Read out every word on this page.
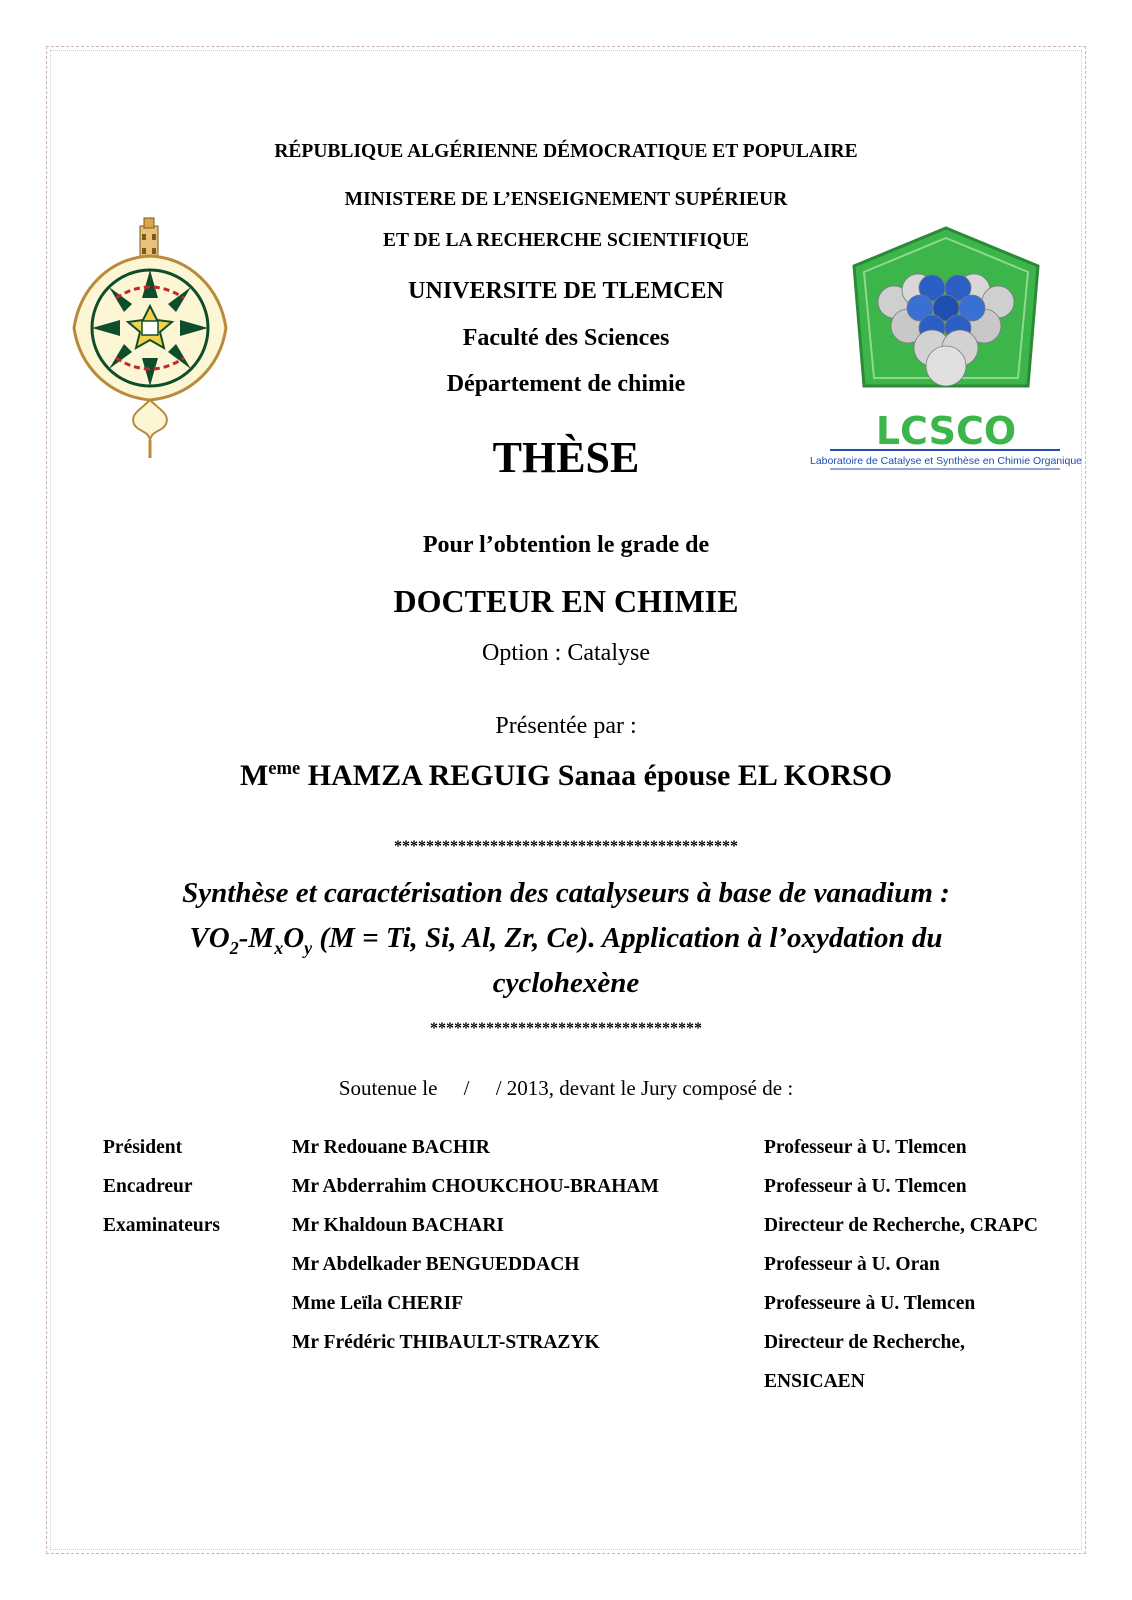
LCSCO
Laboratoire de Catalyse et Synthèse en Chimie Organique
RÉPUBLIQUE ALGÉRIENNE DÉMOCRATIQUE ET POPULAIRE
MINISTERE DE L’ENSEIGNEMENT SUPÉRIEUR
ET DE LA RECHERCHE SCIENTIFIQUE
UNIVERSITE DE TLEMCEN
Faculté des Sciences
Département de chimie
THÈSE
Pour l’obtention le grade de
DOCTEUR EN CHIMIE
Option : Catalyse
Présentée par :
Meme HAMZA REGUIG Sanaa épouse EL KORSO
*******************************************
Synthèse et caractérisation des catalyseurs à base de vanadium :
$VO_2-M_xO_y$ (M = Ti, Si, Al, Zr, Ce). Application à l’oxydation du
cyclohexène
**********************************
Soutenue le     /     / 2013, devant le Jury composé de :
Président	Mr Redouane BACHIR	Professeur à U. Tlemcen
Encadreur	Mr Abderrahim CHOUKCHOU-BRAHAM	Professeur à U. Tlemcen
Examinateurs	Mr Khaldoun BACHARI	Directeur de Recherche, CRAPC
Mr Abdelkader BENGUEDDACH	Professeur à U. Oran
Mme Leïla CHERIF	Professeure à U. Tlemcen
Mr Frédéric THIBAULT-STRAZYK	Directeur de Recherche,
ENSICAEN
